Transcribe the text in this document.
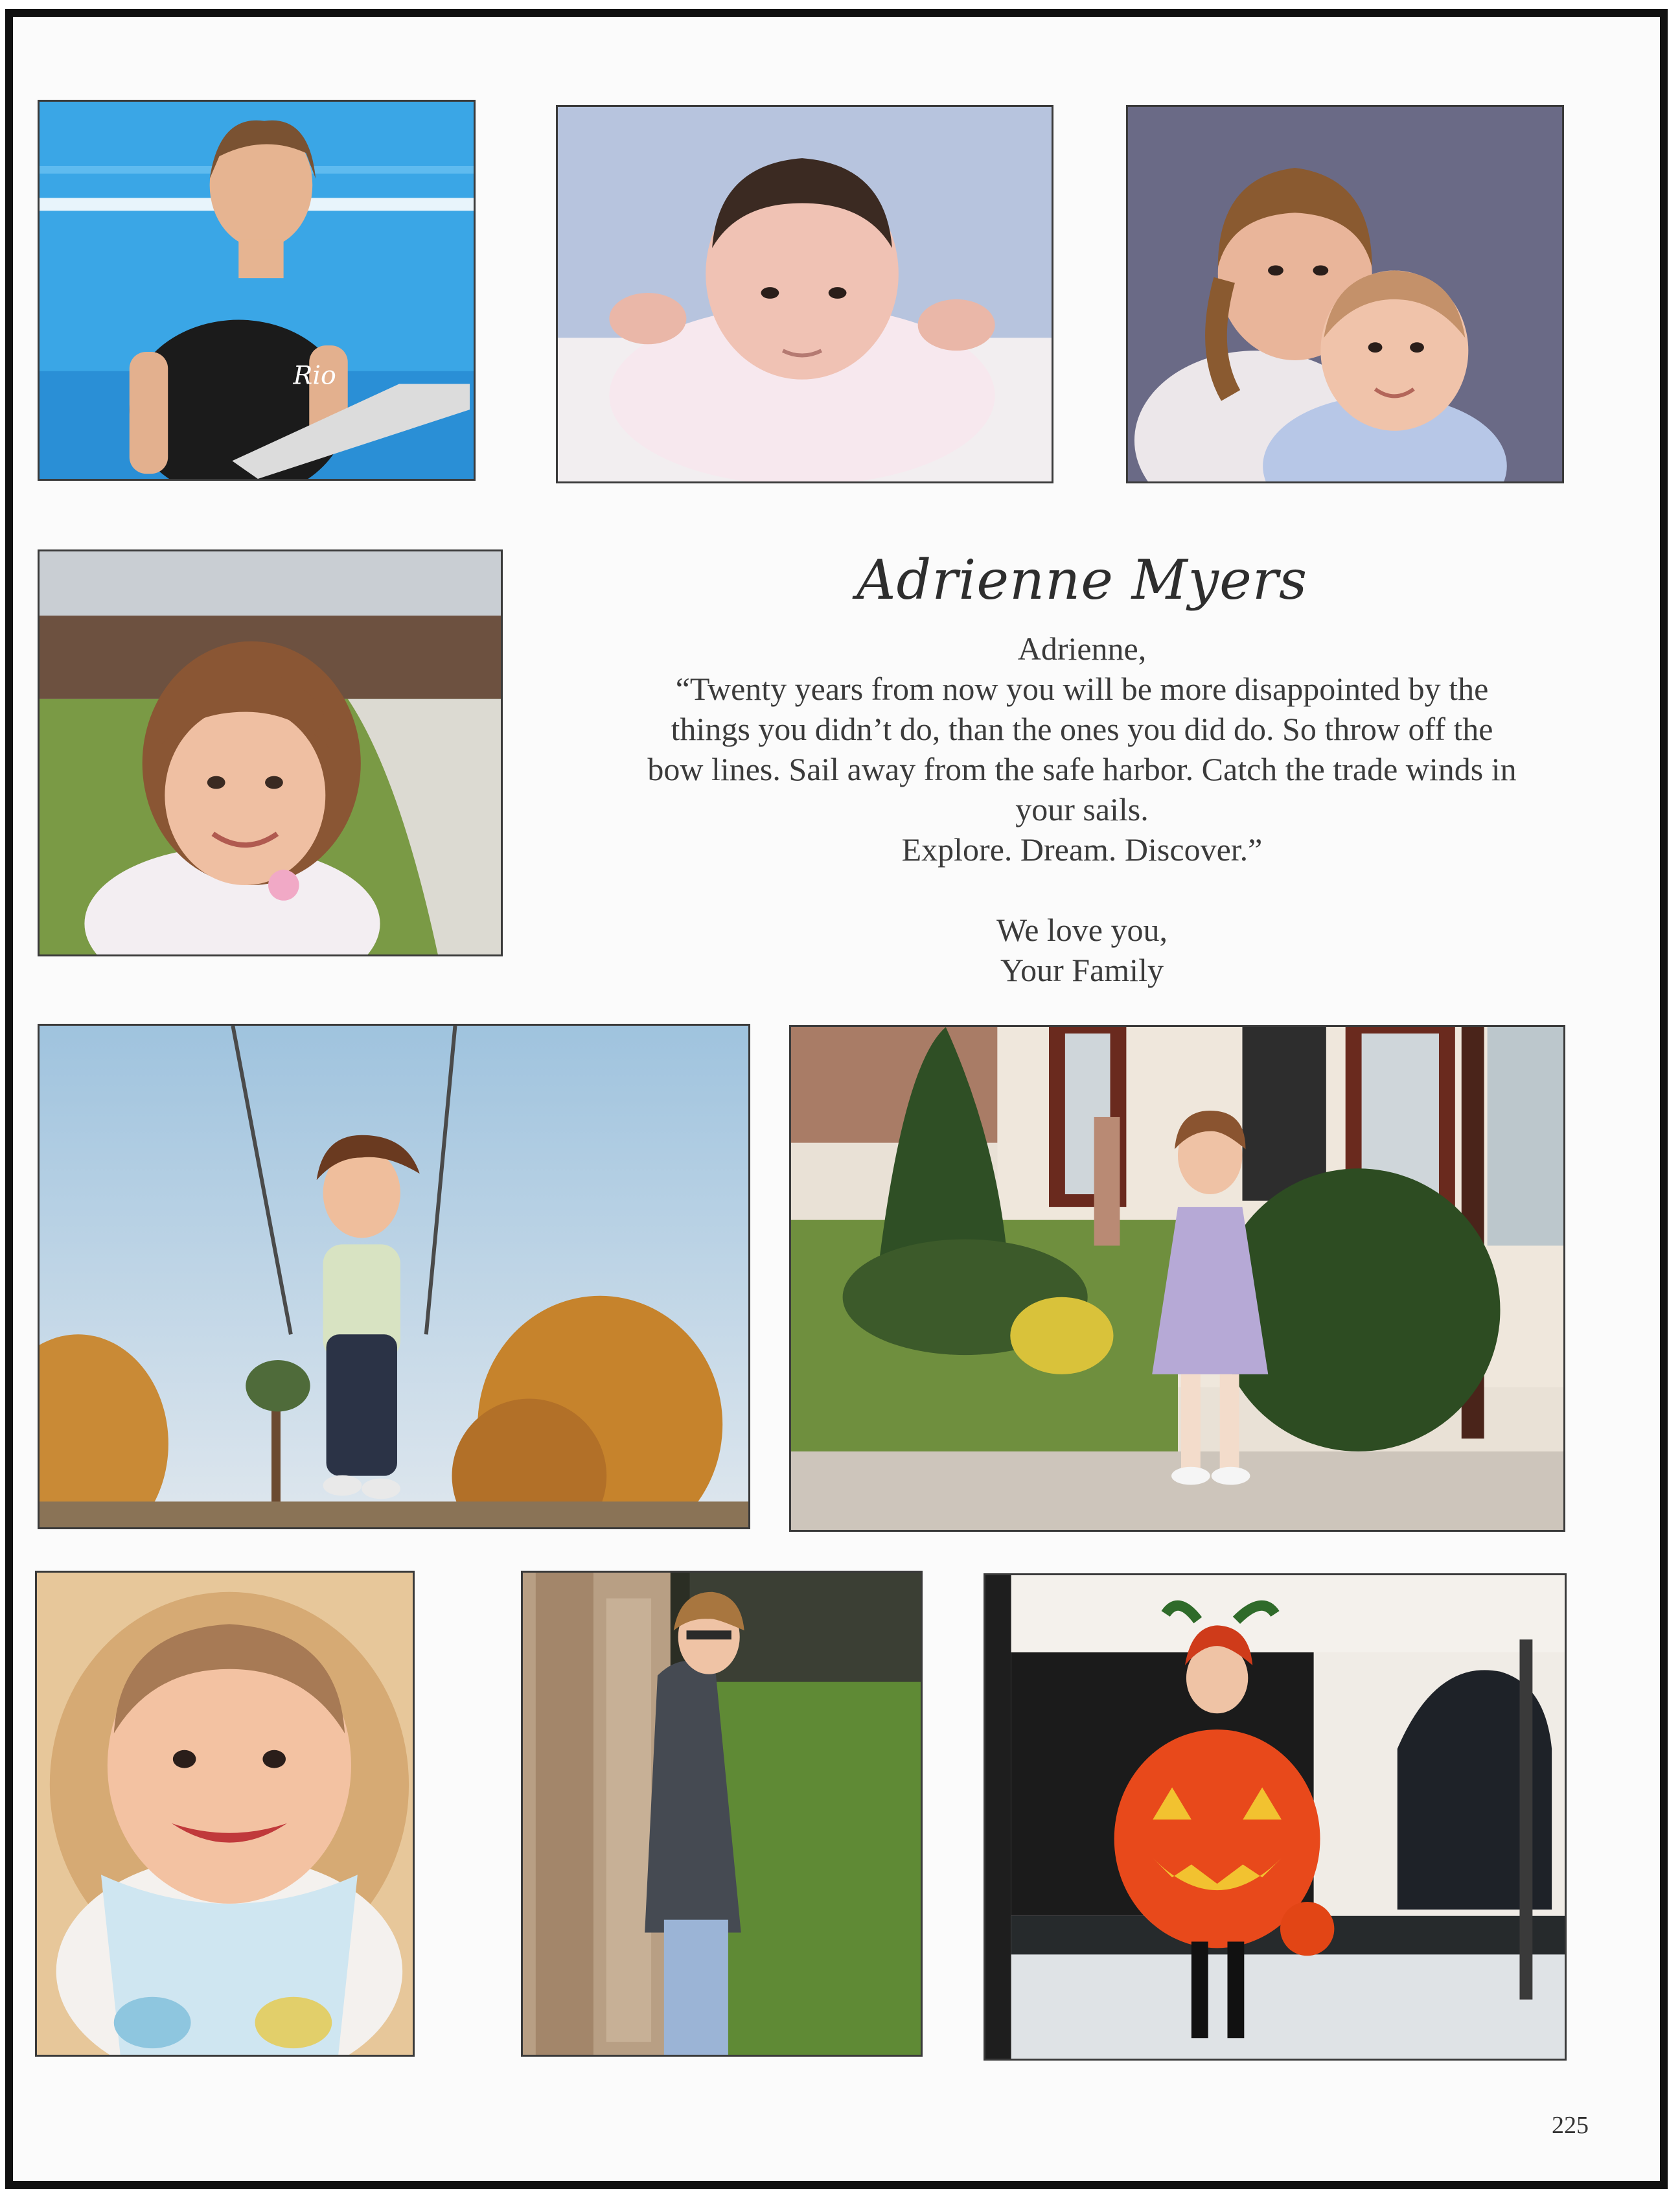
Rio
Adrienne Myers
Adrienne,
“Twenty years from now you will be more disappointed by the
things you didn’t do, than the ones you did do. So throw off the
bow lines. Sail away from the safe harbor. Catch the trade winds in
your sails.
Explore. Dream. Discover.”
We love you,
Your Family
225
